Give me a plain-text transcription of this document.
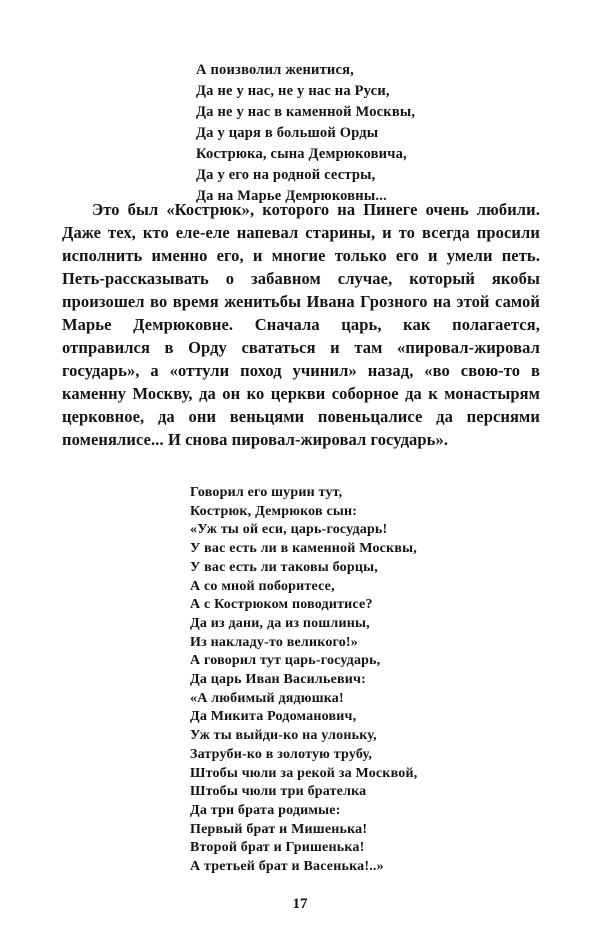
А поизволил женитися,
Да не у нас, не у нас на Руси,
Да не у нас в каменной Москвы,
Да у царя в большой Орды
Кострюка, сына Демрюковича,
Да у его на родной сестры,
Да на Марье Демрюковны...

Это был «Кострюк», которого на Пинеге очень любили. Даже тех, кто еле-еле напевал старины, и то всегда просили исполнить именно его, и многие только его и умели петь. Петь-рассказывать о забавном случае, который якобы произошел во время женитьбы Ивана Грозного на этой самой Марье Демрюковне. Сначала царь, как полагается, отправился в Орду свататься и там «пировал-жировал государь», а «оттули поход учинил» назад, «во свою-то в каменну Москву, да он ко церкви соборное да к монастырям церковное, да они веньцями повеньцалисе да перснями поменялисе... И снова пировал-жировал государь».

Говорил его шурин тут,
Кострюк, Демрюков сын:
«Уж ты ой еси, царь-государь!
У вас есть ли в каменной Москвы,
У вас есть ли таковы борцы,
А со мной поборитесе,
А с Кострюком поводитисе?
Да из дани, да из пошлины,
Из накладу-то великого!»
А говорил тут царь-государь,
Да царь Иван Васильевич:
«А любимый дядюшка!
Да Микита Родоманович,
Уж ты выйди-ко на улоньку,
Затруби-ко в золотую трубу,
Штобы чюли за рекой за Москвой,
Штобы чюли три брателка
Да три брата родимые:
Первый брат и Мишенька!
Второй брат и Гришенька!
А третьей брат и Васенька!..»
17
